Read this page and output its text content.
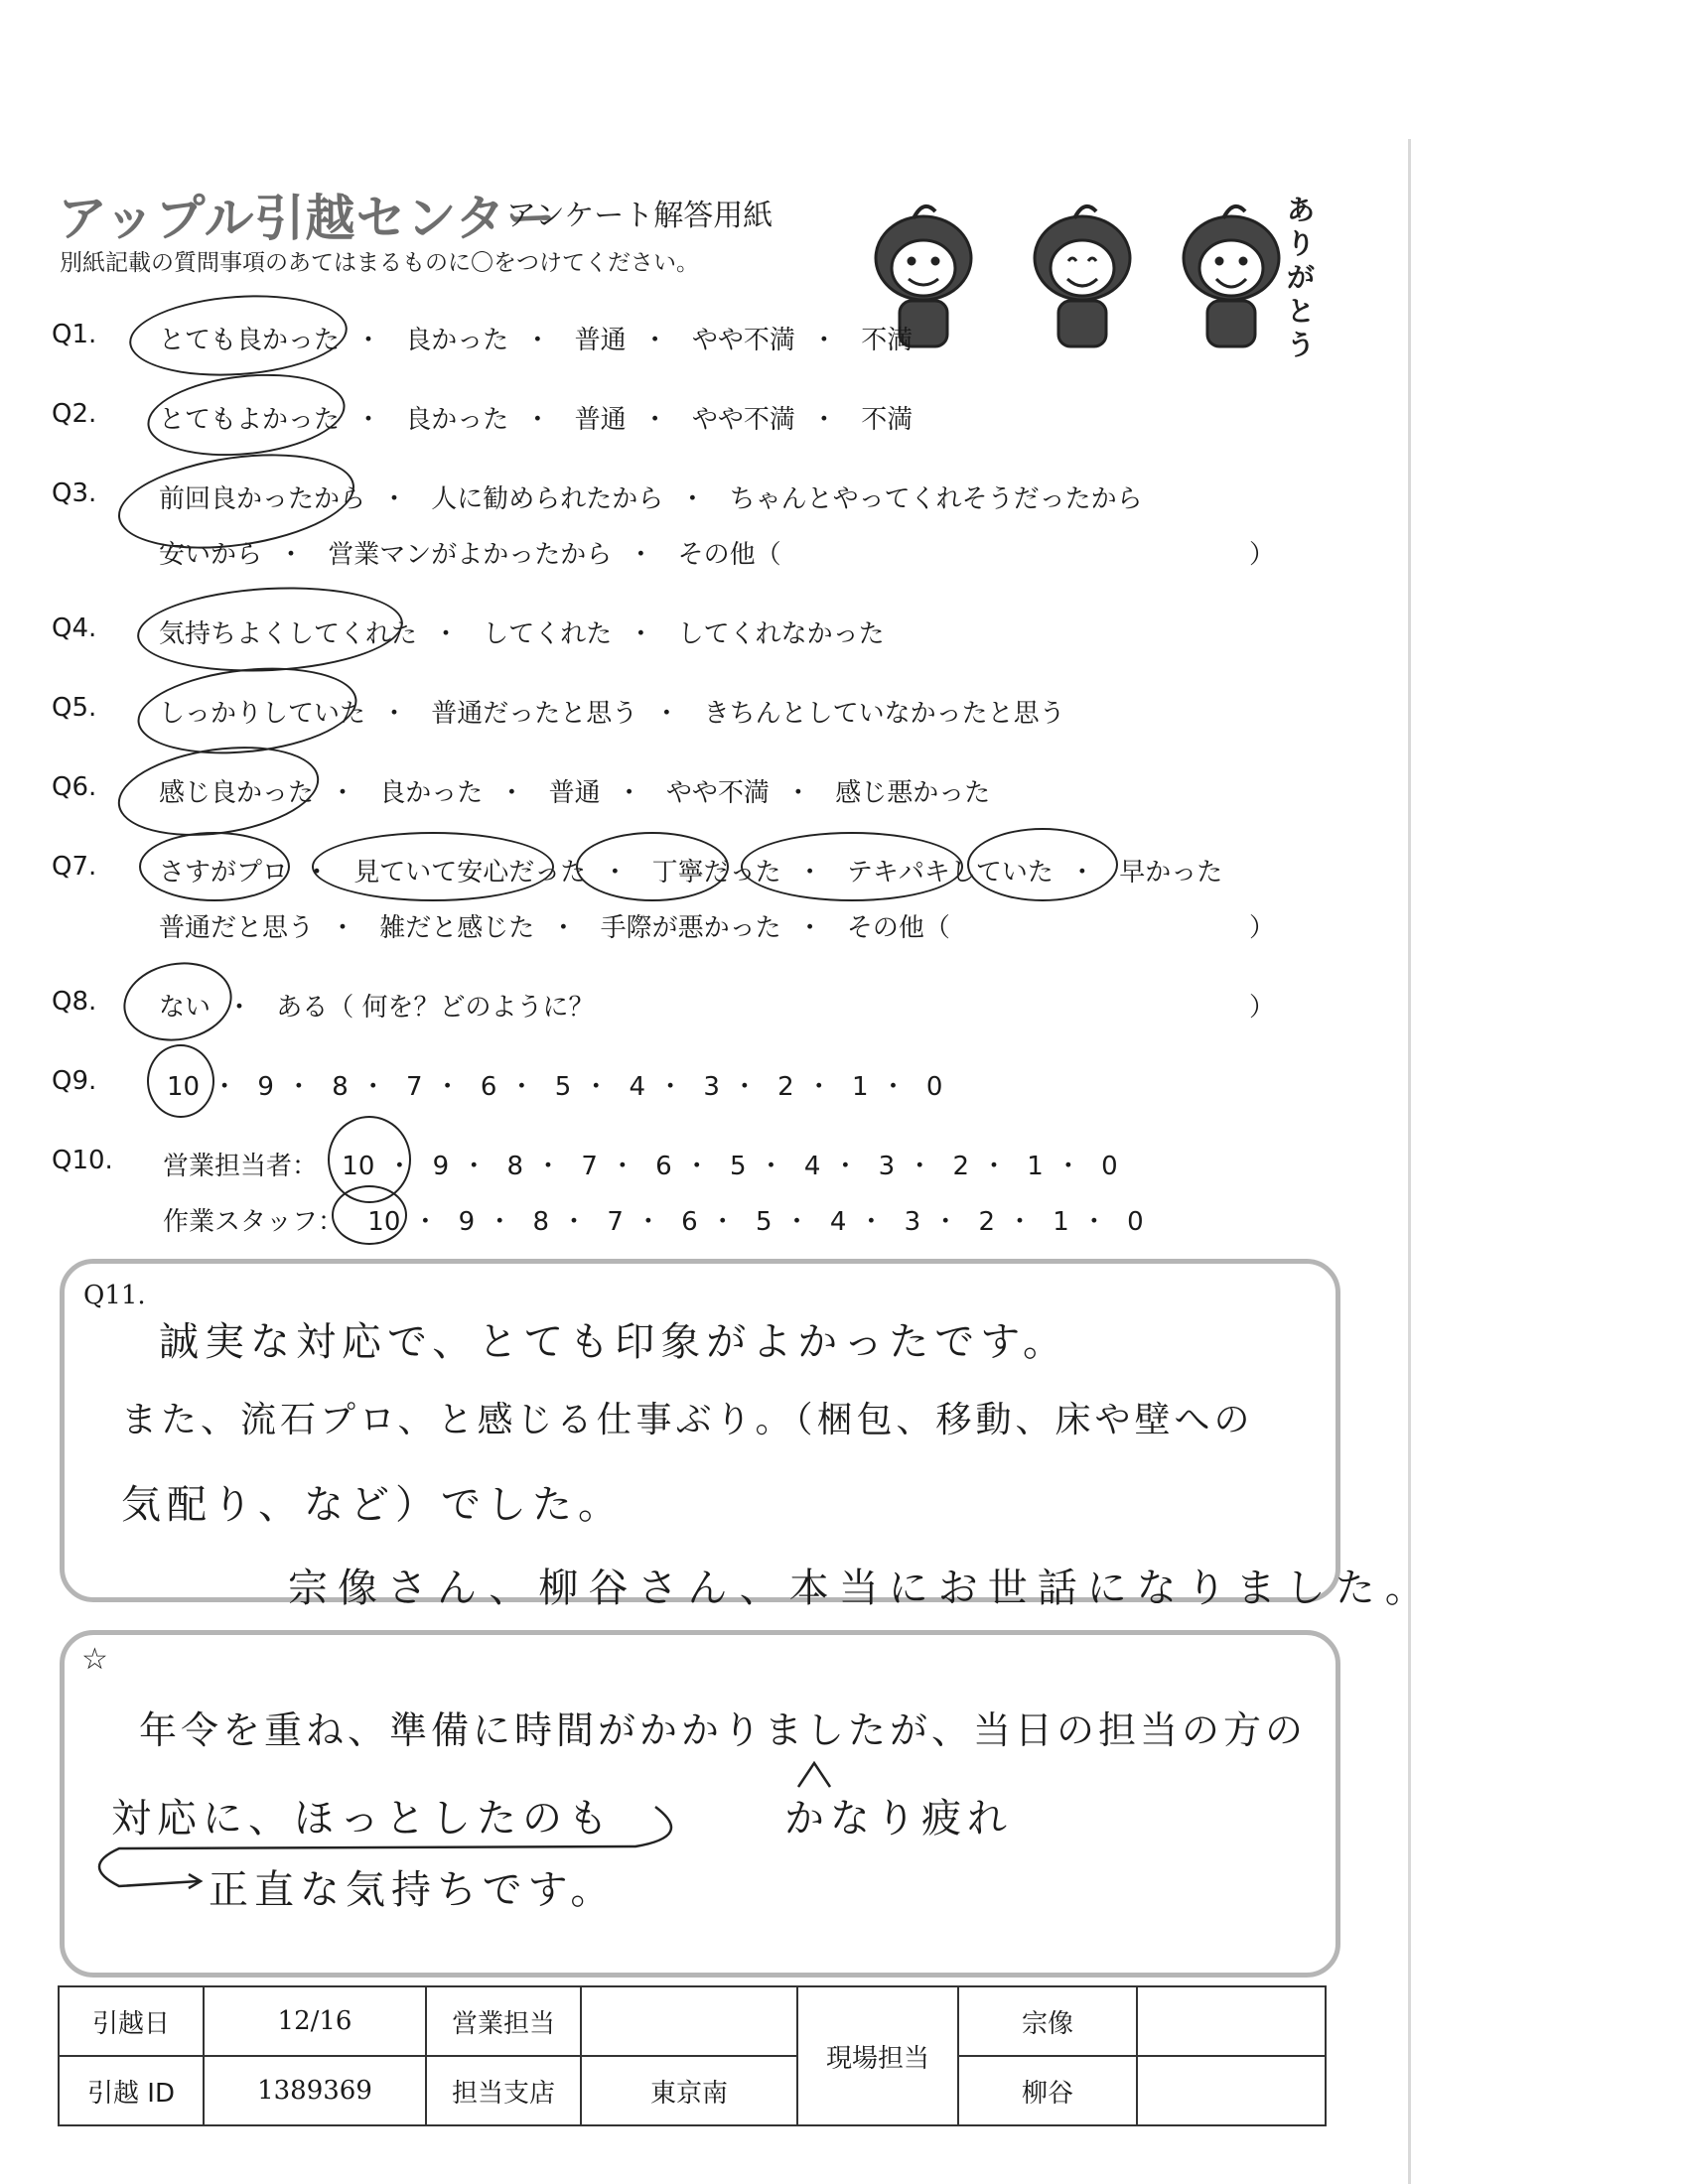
アップル引越センター
アンケート解答用紙
別紙記載の質問事項のあてはまるものに〇をつけてください。
ありがとう
Q1. とても良かった ・ 良かった ・ 普通 ・ やや不満 ・ 不満
Q2. とてもよかった ・ 良かった ・ 普通 ・ やや不満 ・ 不満
Q3. 前回良かったから ・ 人に勧められたから ・ ちゃんとやってくれそうだったから
安いから ・ 営業マンがよかったから ・ その他（	）
Q4. 気持ちよくしてくれた ・ してくれた ・ してくれなかった
Q5. しっかりしていた ・ 普通だったと思う ・ きちんとしていなかったと思う
Q6. 感じ良かった ・ 良かった ・ 普通 ・ やや不満 ・ 感じ悪かった
Q7. さすがプロ ・ 見ていて安心だった ・ 丁寧だった ・ テキパキしていた ・ 早かった
普通だと思う ・ 雑だと感じた ・ 手際が悪かった ・ その他（	）
Q8. ない ・ ある（ 何を？どのように？	）
Q9.	10 ・ 9 ・ 8 ・ 7 ・ 6 ・ 5 ・ 4 ・ 3 ・ 2 ・ 1 ・ 0
Q10. 営業担当者： 10 ・ 9 ・ 8 ・ 7 ・ 6 ・ 5 ・ 4 ・ 3 ・ 2 ・ 1 ・ 0
作業スタッフ： 10 ・ 9 ・ 8 ・ 7 ・ 6 ・ 5 ・ 4 ・ 3 ・ 2 ・ 1 ・ 0
Q11.
誠実な対応で、とても印象がよかったです。
また、流石プロ、と感じる仕事ぶり。（梱包、移動、床や壁への
気配り、など）でした。
宗像さん、柳谷さん、本当にお世話になりました。
☆
年令を重ね、準備に時間がかかりましたが、当日の担当の方の
対応に、ほっとしたのも
正直な気持ちです。
かなり疲れ
引越日	12/16	営業担当		現場担当	宗像	
引越 ID	1389369	担当支店	東京南		柳谷	
